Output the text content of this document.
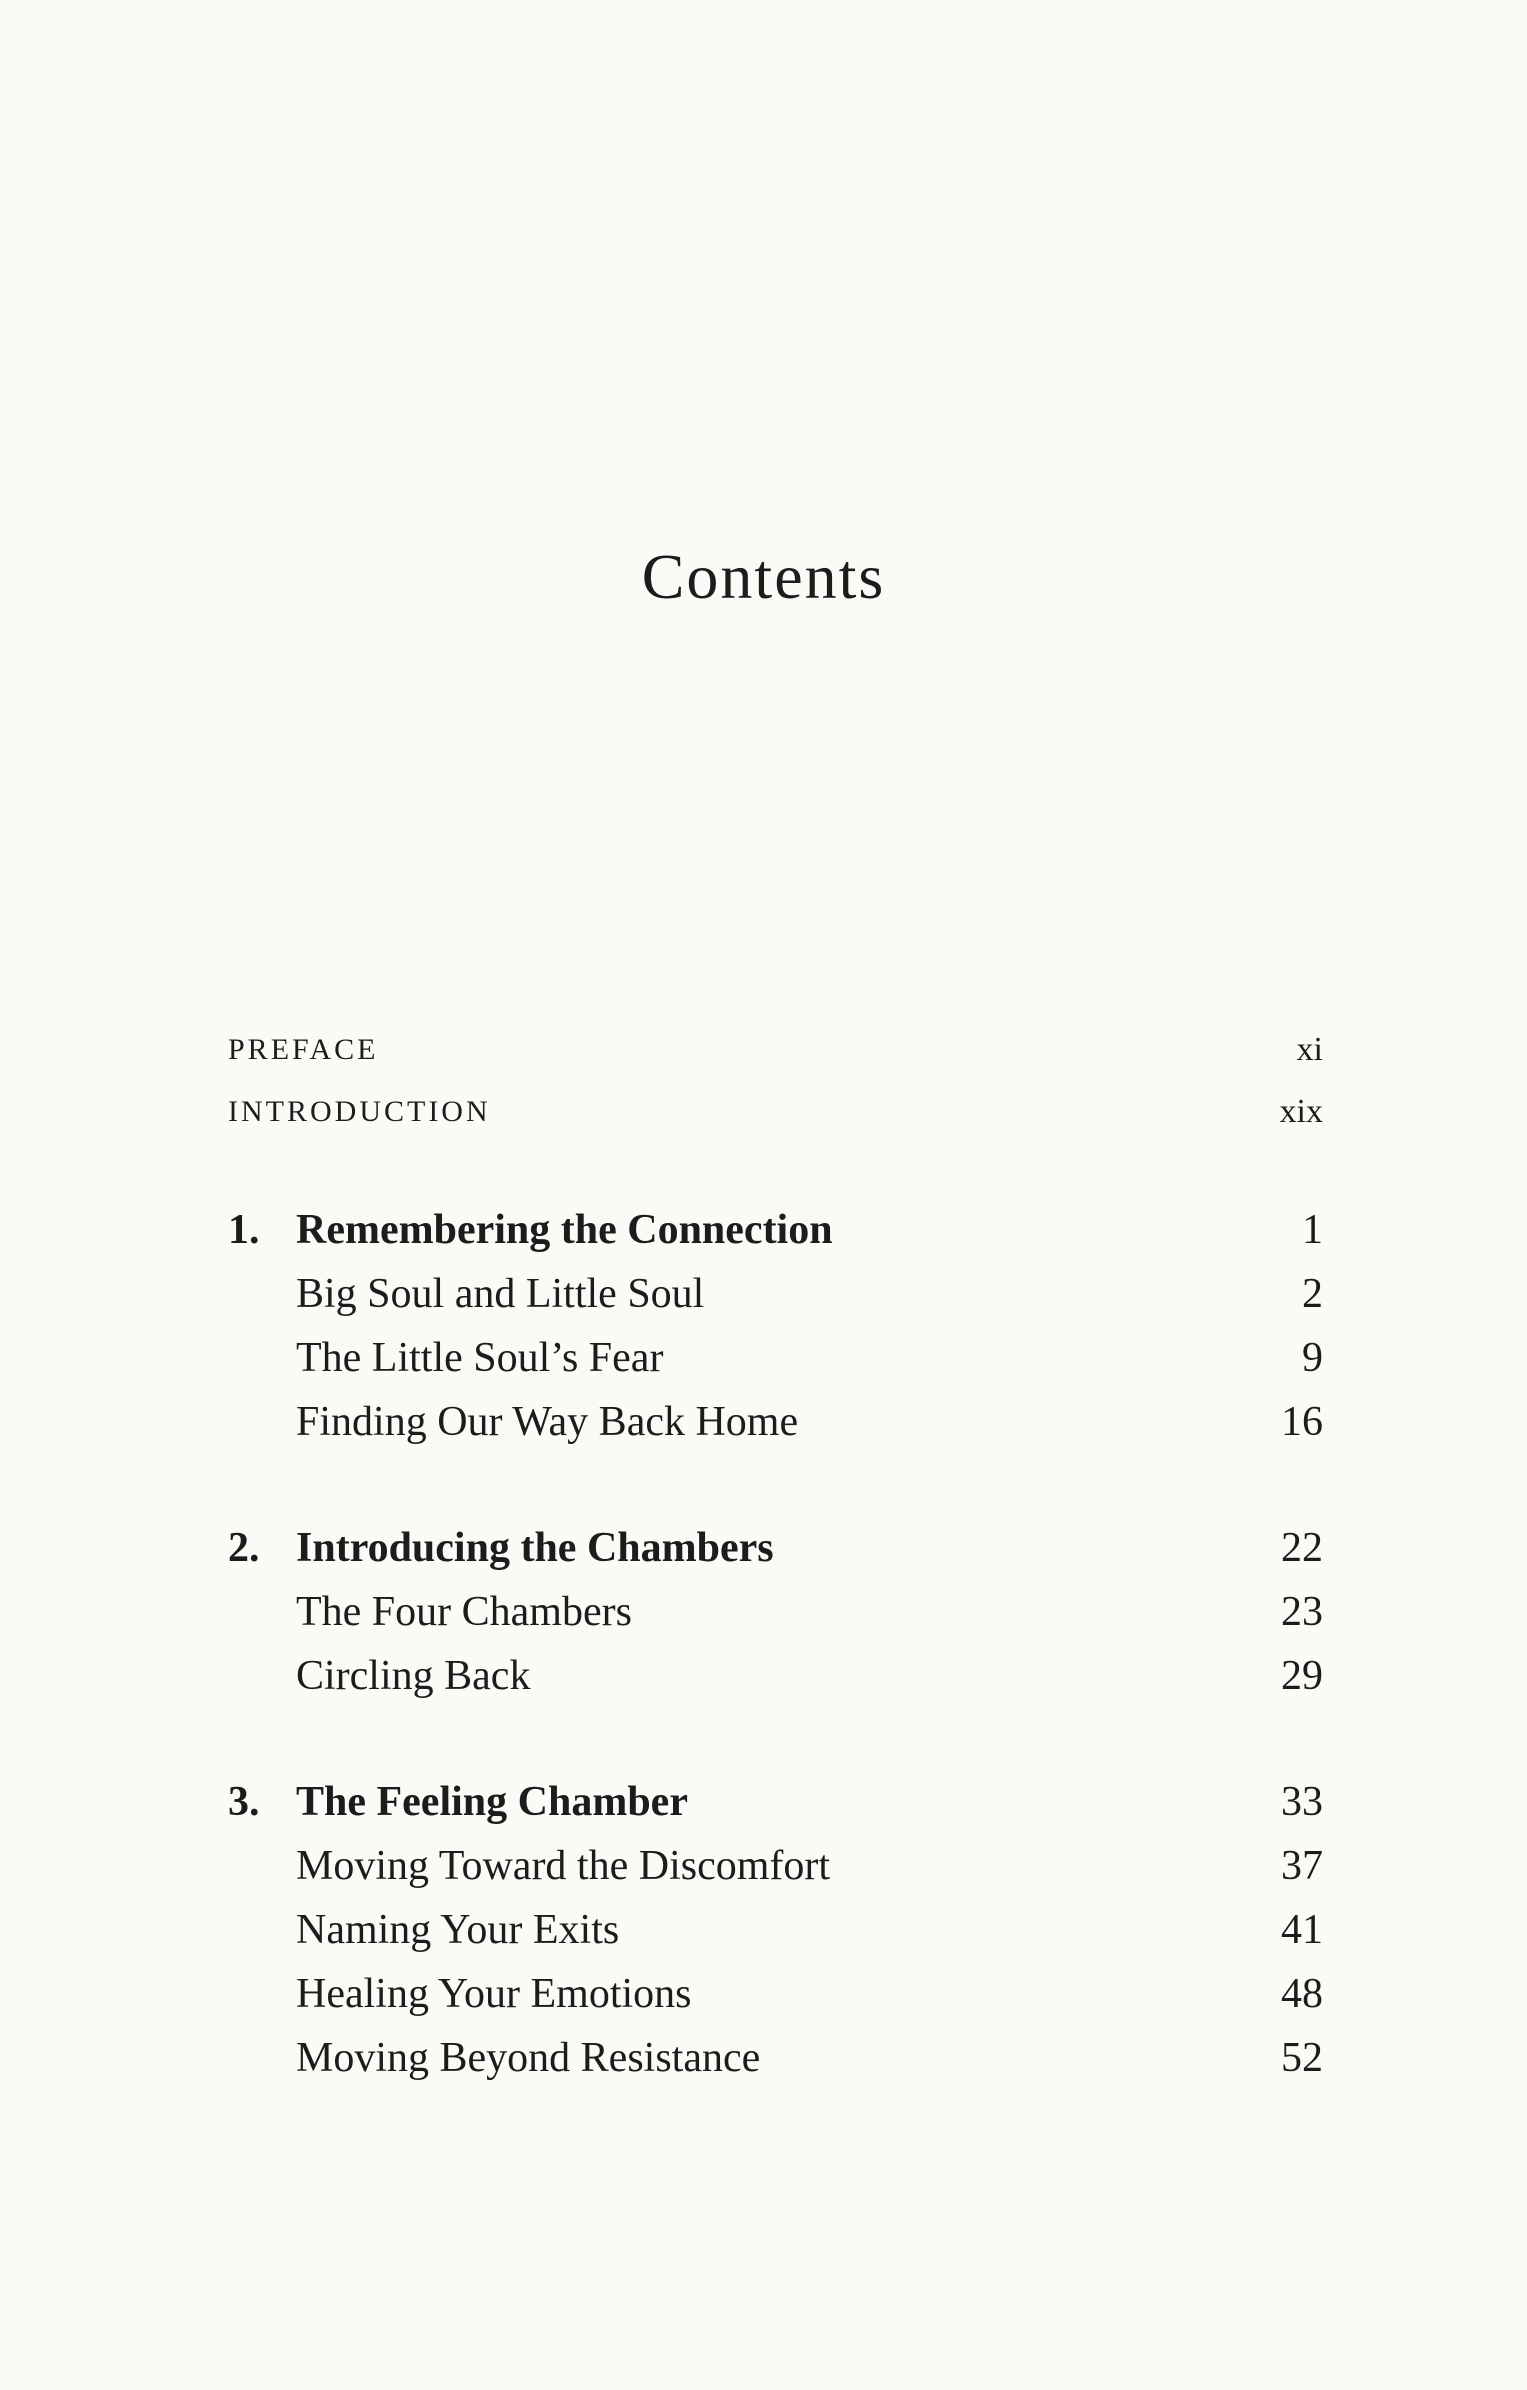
Contents
PREFACE	xi
INTRODUCTION	xix
1. Remembering the Connection	1
Big Soul and Little Soul	2
The Little Soul’s Fear	9
Finding Our Way Back Home	16
2. Introducing the Chambers	22
The Four Chambers	23
Circling Back	29
3. The Feeling Chamber	33
Moving Toward the Discomfort	37
Naming Your Exits	41
Healing Your Emotions	48
Moving Beyond Resistance	52
